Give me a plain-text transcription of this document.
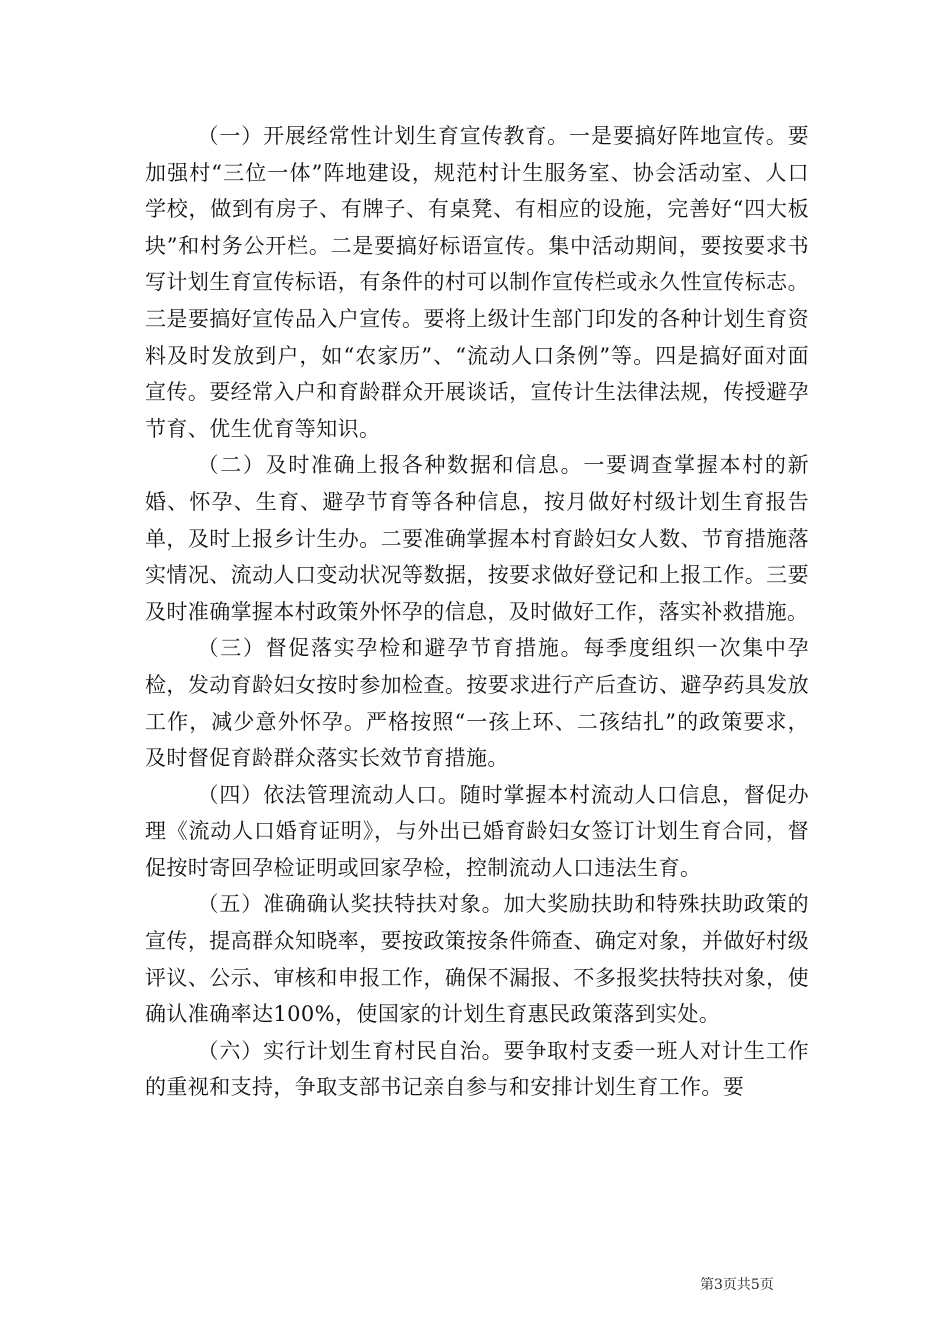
（一）开展经常性计划生育宣传教育。一是要搞好阵地宣传。要加强村“三位一体”阵地建设，规范村计生服务室、协会活动室、人口学校，做到有房子、有牌子、有桌凳、有相应的设施，完善好“四大板块”和村务公开栏。二是要搞好标语宣传。集中活动期间，要按要求书写计划生育宣传标语，有条件的村可以制作宣传栏或永久性宣传标志。三是要搞好宣传品入户宣传。要将上级计生部门印发的各种计划生育资料及时发放到户，如“农家历”、“流动人口条例”等。四是搞好面对面宣传。要经常入户和育龄群众开展谈话，宣传计生法律法规，传授避孕节育、优生优育等知识。

（二）及时准确上报各种数据和信息。一要调查掌握本村的新婚、怀孕、生育、避孕节育等各种信息，按月做好村级计划生育报告单，及时上报乡计生办。二要准确掌握本村育龄妇女人数、节育措施落实情况、流动人口变动状况等数据，按要求做好登记和上报工作。三要及时准确掌握本村政策外怀孕的信息，及时做好工作，落实补救措施。

（三）督促落实孕检和避孕节育措施。每季度组织一次集中孕检，发动育龄妇女按时参加检查。按要求进行产后查访、避孕药具发放工作，减少意外怀孕。严格按照“一孩上环、二孩结扎”的政策要求，及时督促育龄群众落实长效节育措施。

（四）依法管理流动人口。随时掌握本村流动人口信息，督促办理《流动人口婚育证明》，与外出已婚育龄妇女签订计划生育合同，督促按时寄回孕检证明或回家孕检，控制流动人口违法生育。

（五）准确确认奖扶特扶对象。加大奖励扶助和特殊扶助政策的宣传，提高群众知晓率，要按政策按条件筛查、确定对象，并做好村级评议、公示、审核和申报工作，确保不漏报、不多报奖扶特扶对象，使确认准确率达100%，使国家的计划生育惠民政策落到实处。

（六）实行计划生育村民自治。要争取村支委一班人对计生工作的重视和支持，争取支部书记亲自参与和安排计划生育工作。要

第3页共5页
